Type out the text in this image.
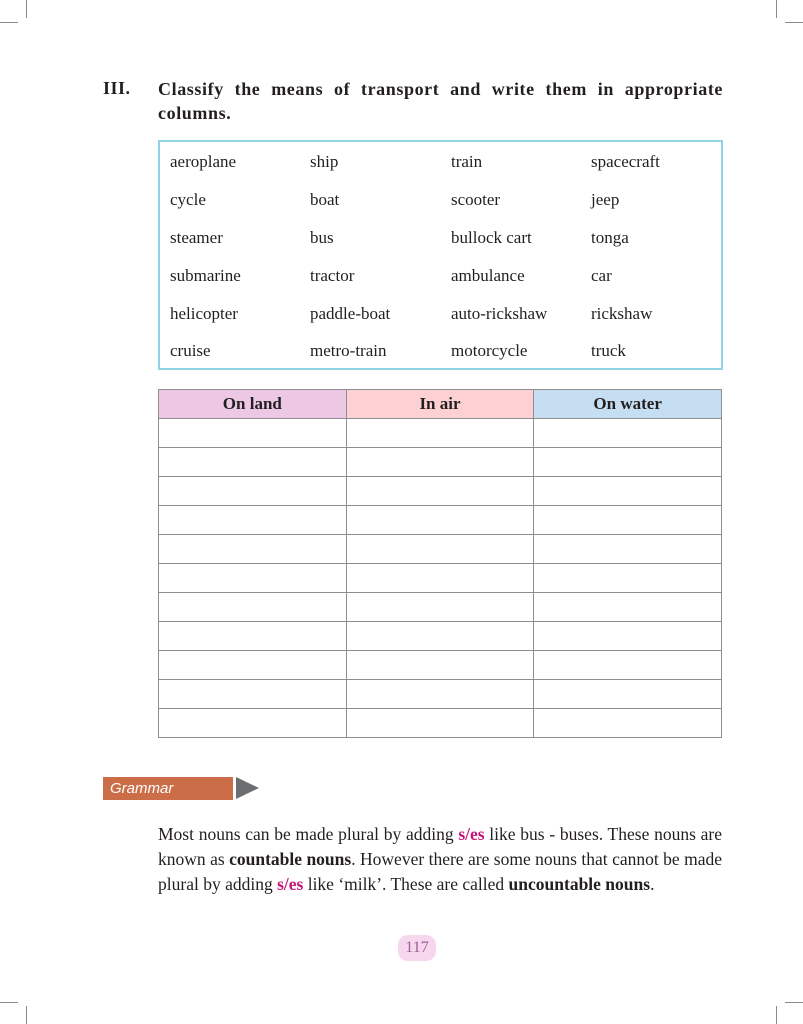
III. Classify the means of transport and write them in appropriate columns.
aeroplane	ship	train	spacecraft
cycle	boat	scooter	jeep
steamer	bus	bullock cart	tonga
submarine	tractor	ambulance	car
helicopter	paddle-boat	auto-rickshaw	rickshaw
cruise	metro-train	motorcycle	truck
On land	In air	On water

Grammar
Most nouns can be made plural by adding s/es like bus - buses. These nouns are known as countable nouns. However there are some nouns that cannot be made plural by adding s/es like ‘milk’. These are called uncountable nouns.
117
